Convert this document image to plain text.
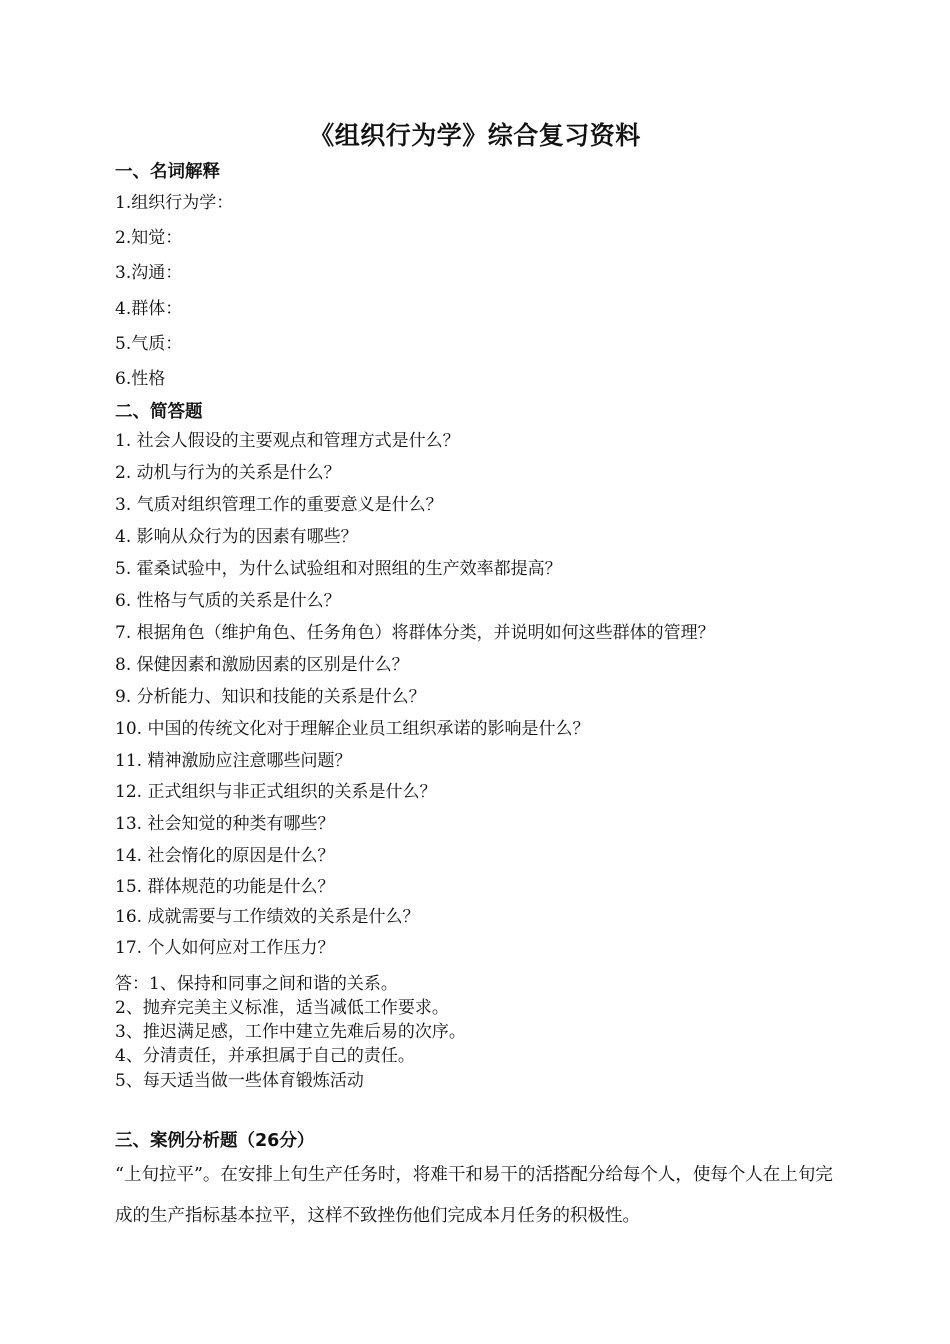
《组织行为学》综合复习资料
一、名词解释
1.组织行为学：
2.知觉：
3.沟通：
4.群体：
5.气质：
6.性格
二、简答题
1. 社会人假设的主要观点和管理方式是什么？
2. 动机与行为的关系是什么？
3. 气质对组织管理工作的重要意义是什么？
4. 影响从众行为的因素有哪些？
5. 霍桑试验中，为什么试验组和对照组的生产效率都提高？
6. 性格与气质的关系是什么？
7. 根据角色（维护角色、任务角色）将群体分类，并说明如何这些群体的管理？
8. 保健因素和激励因素的区别是什么？
9. 分析能力、知识和技能的关系是什么？
10. 中国的传统文化对于理解企业员工组织承诺的影响是什么？
11. 精神激励应注意哪些问题？
12. 正式组织与非正式组织的关系是什么？
13. 社会知觉的种类有哪些？
14. 社会惰化的原因是什么？
15. 群体规范的功能是什么？
16. 成就需要与工作绩效的关系是什么？
17. 个人如何应对工作压力？
答：1、保持和同事之间和谐的关系。
2、抛弃完美主义标准，适当减低工作要求。
3、推迟满足感，工作中建立先难后易的次序。
4、分清责任，并承担属于自己的责任。
5、每天适当做一些体育锻炼活动
三、案例分析题（26分）
“上旬拉平”。在安排上旬生产任务时，将难干和易干的活搭配分给每个人，使每个人在上旬完成的生产指标基本拉平，这样不致挫伤他们完成本月任务的积极性。
